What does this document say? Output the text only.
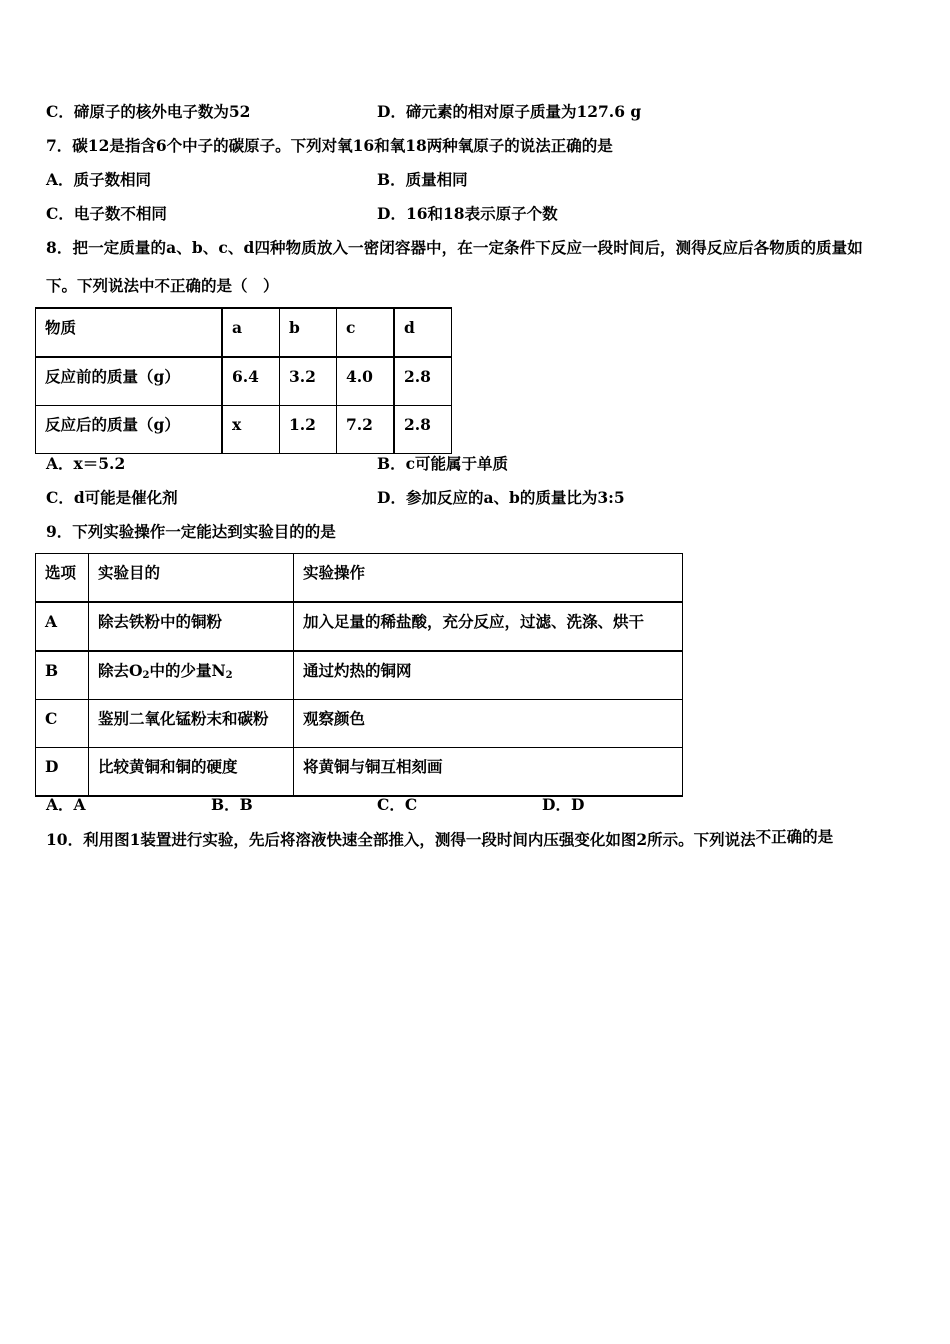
C．碲原子的核外电子数为52	D．碲元素的相对原子质量为127.6 g
7．碳12是指含6个中子的碳原子。下列对氧16和氧18两种氧原子的说法正确的是
A．质子数相同	B．质量相同
C．电子数不相同	D．16和18表示原子个数
8．把一定质量的a、b、c、d四种物质放入一密闭容器中，在一定条件下反应一段时间后，测得反应后各物质的质量如
下。下列说法中不正确的是（　）
物质	a	b	c	d
反应前的质量（g）	6.4	3.2	4.0	2.8
反应后的质量（g）	x	1.2	7.2	2.8
A．x＝5.2	B．c可能属于单质
C．d可能是催化剂	D．参加反应的a、b的质量比为3:5
9．下列实验操作一定能达到实验目的的是
选项	实验目的	实验操作
A	除去铁粉中的铜粉	加入足量的稀盐酸，充分反应，过滤、洗涤、烘干
B	除去$O_2$中的少量$N_2$	通过灼热的铜网
C	鉴别二氧化锰粉末和碳粉	观察颜色
D	比较黄铜和铜的硬度	将黄铜与铜互相刻画
A．A	B．B	C．C	D．D
10．利用图1装置进行实验，先后将溶液快速全部推入，测得一段时间内压强变化如图2所示。下列说法不正确的是
